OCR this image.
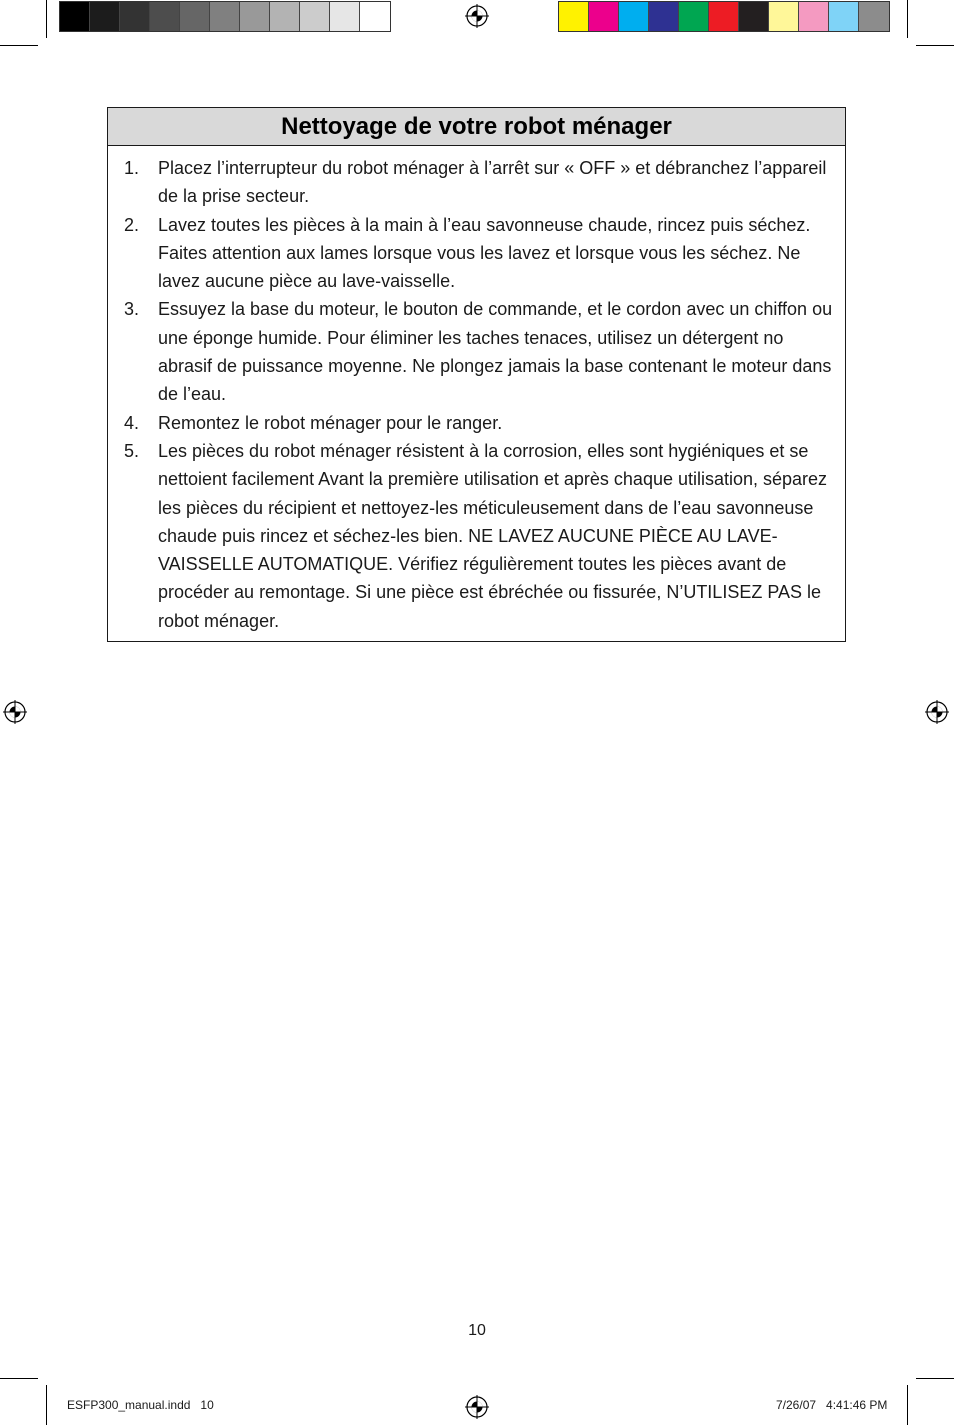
Nettoyage de votre robot ménager
1.	Placez l’interrupteur du robot ménager à l’arrêt sur « OFF » et débranchez l’appareil de la prise secteur.
2.	Lavez toutes les pièces à la main à l’eau savonneuse chaude, rincez puis séchez. Faites attention aux lames lorsque vous les lavez et lorsque vous les séchez. Ne lavez aucune pièce au lave-vaisselle.
3.	Essuyez la base du moteur, le bouton de commande, et le cordon avec un chiffon ou une éponge humide. Pour éliminer les taches tenaces, utilisez un détergent no abrasif de puissance moyenne. Ne plongez jamais la base contenant le moteur dans de l’eau.
4.	Remontez le robot ménager pour le ranger.
5.	Les pièces du robot ménager résistent à la corrosion, elles sont hygiéniques et se nettoient facilement Avant la première utilisation et après chaque utilisation, séparez les pièces du récipient et nettoyez-les méticuleusement dans de l’eau savonneuse chaude puis rincez et séchez-les bien. NE LAVEZ AUCUNE PIÈCE AU LAVE-VAISSELLE AUTOMATIQUE. Vérifiez régulièrement toutes les pièces avant de procéder au remontage. Si une pièce est ébréchée ou fissurée, N’UTILISEZ PAS le robot ménager.
10
ESFP300_manual.indd   10	7/26/07   4:41:46 PM
